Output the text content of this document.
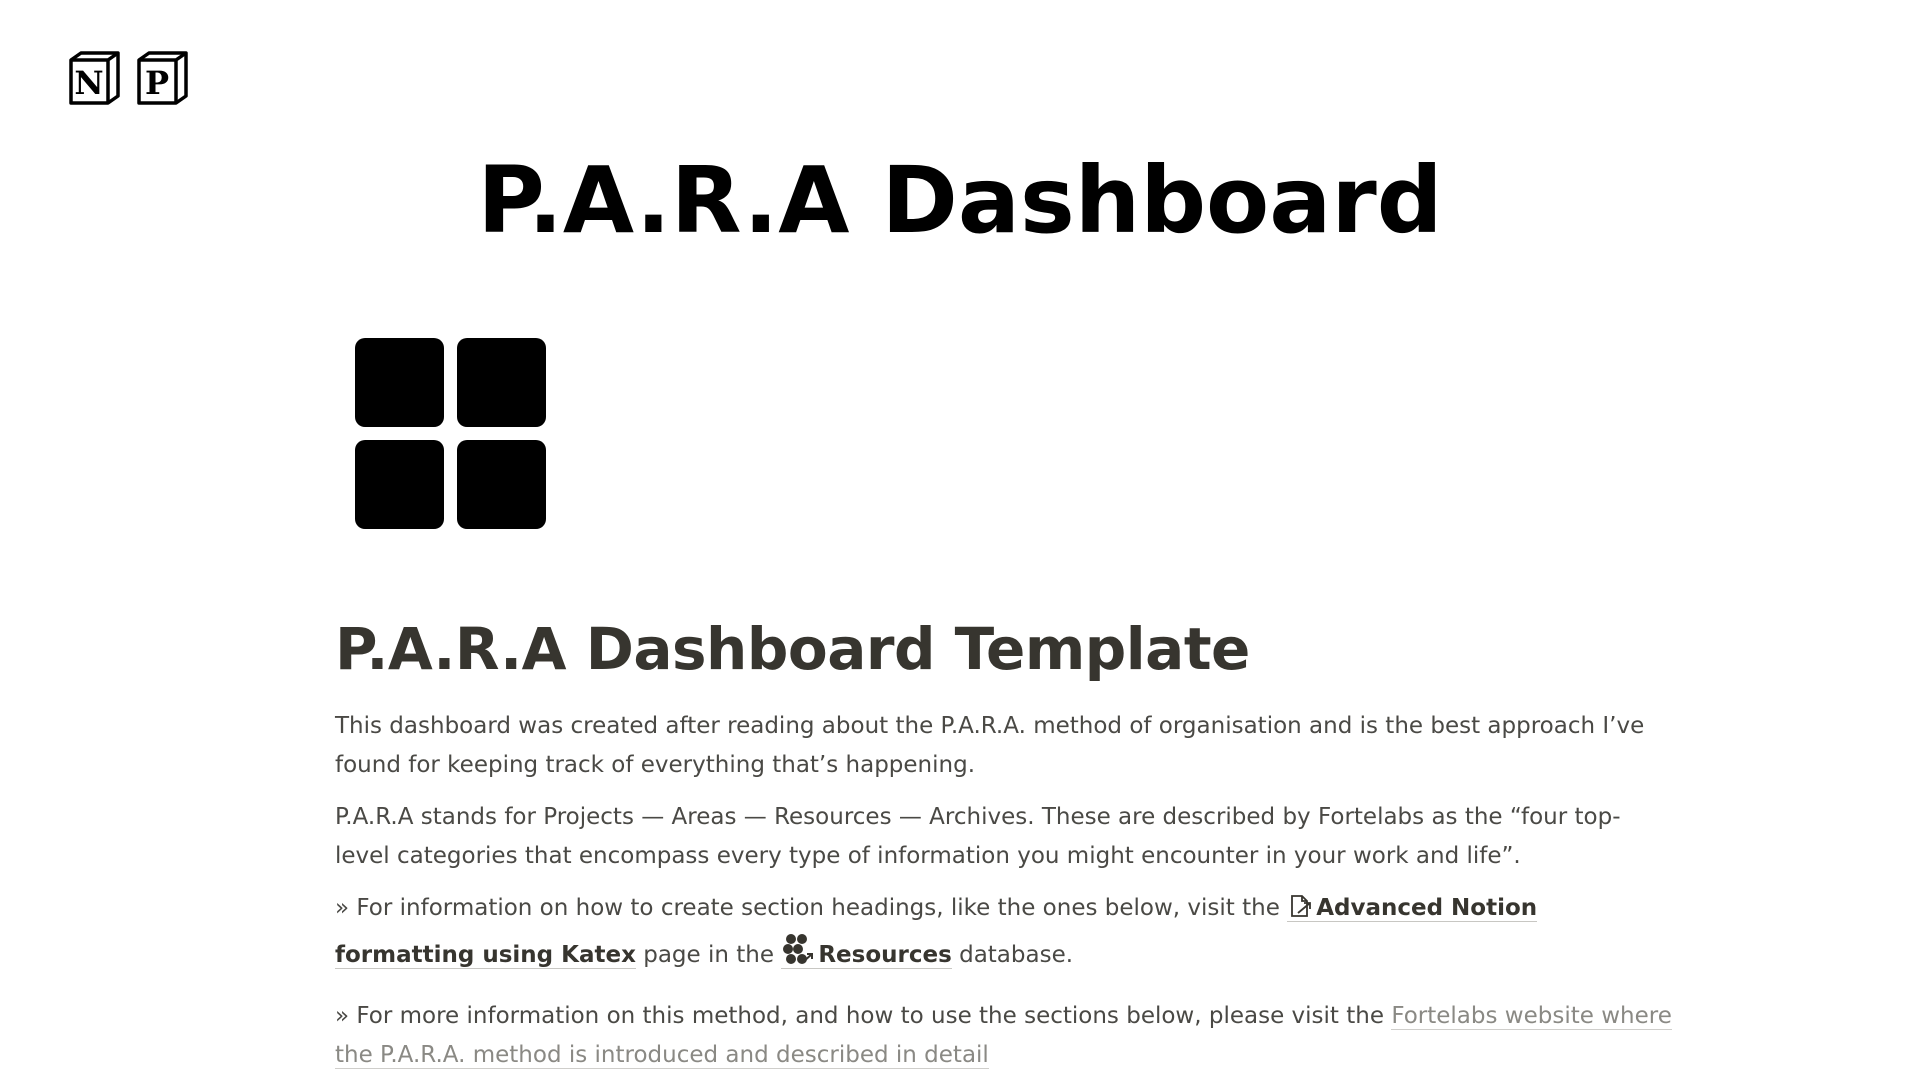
N P
P.A.R.A Dashboard
P.A.R.A Dashboard Template

This dashboard was created after reading about the P.A.R.A. method of organisation and is the best approach I’ve found for keeping track of everything that’s happening.

P.A.R.A stands for Projects — Areas — Resources — Archives. These are described by Fortelabs as the “four top-level categories that encompass every type of information you might encounter in your work and life”.

» For information on how to create section headings, like the ones below, visit the Advanced Notion formatting using Katex page in the Resources database.

» For more information on this method, and how to use the sections below, please visit the Fortelabs website where the P.A.R.A. method is introduced and described in detail
